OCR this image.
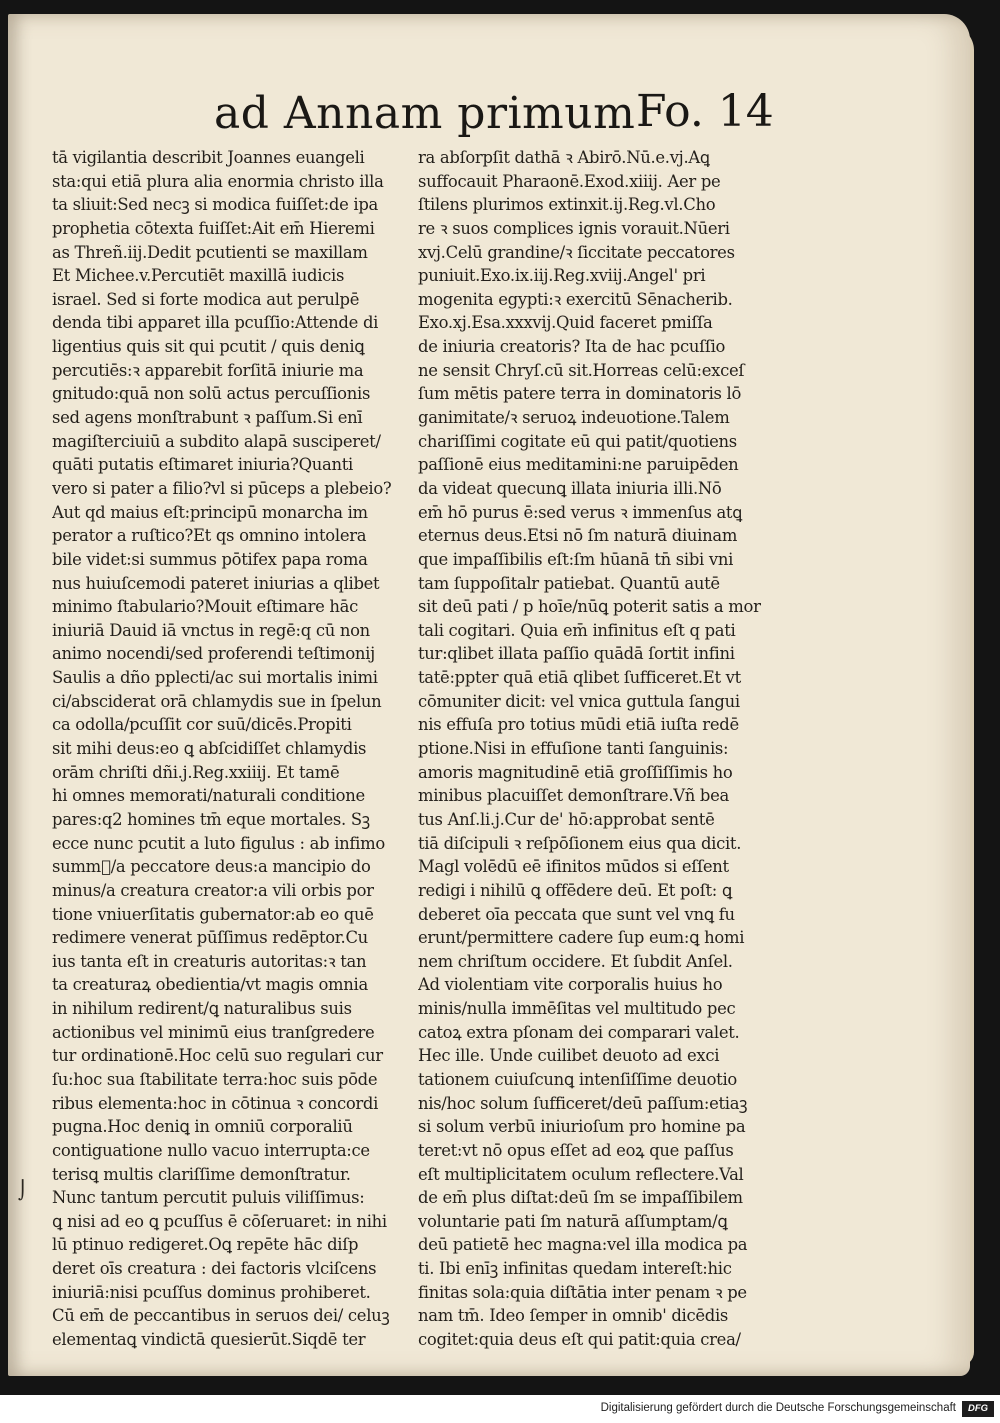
ad Annam primum Fo. 14
tā vigilantia describit Joannes euangeli
sta:qui etiā plura alia enormia christo illa
ta sliuit:Sed necꝫ si modica fuiſſet:de ipa
prophetia cōtexta fuiſſet:Ait em̄ Hieremi
as Threñ.iij.Dedit pcutienti se maxillam
Et Michee.v.Percutiēt maxillā iudicis
israel. Sed si forte modica aut perulpē
denda tibi apparet illa pcuſſio:Attende di
ligentius quis sit qui pcutit / quis deniꝗ
percutiēs:ꝛ apparebit forſitā iniurie ma
gnitudo:quā non solū actus percuſſionis
sed agens monſtrabunt ꝛ paſſum.Si enī
magiſterciuiū a subdito alapā susciperet/
quāti putatis eſtimaret iniuria?Quanti
vero si pater a filio?vl si pūceps a plebeio?
Aut qd maius eſt:principū monarcha im
perator a ruſtico?Et qs omnino intolera
bile videt:si summus pōtifex papa roma
nus huiuſcemodi pateret iniurias a qlibet
minimo ſtabulario?Mouit eſtimare hāc
iniuriā Dauid iā vnctus in regē:q cū non
animo nocendi/sed proferendi teſtimonij
Saulis a dño pplecti/ac sui mortalis inimi
ci/absciderat orā chlamydis sue in ſpelun
ca odolla/pcuſſit cor suū/dicēs.Propiti
sit mihi deus:eo ꝗ abſcidiſſet chlamydis
orām chriſti dñi.j.Reg.xxiiij. Et tamē
hi omnes memorati/naturali conditione
pares:q2 homines tm̄ eque mortales. Sꝫ
ecce nunc pcutit a luto figulus : ab infimo
summ᷒/a peccatore deus:a mancipio do
minus/a creatura creator:a vili orbis por
tione vniuerſitatis gubernator:ab eo quē
redimere venerat pūſſimus redēptor.Cu
ius tanta eſt in creaturis autoritas:ꝛ tan
ta creaturaꝝ obedientia/vt magis omnia
in nihilum redirent/ꝗ naturalibus suis
actionibus vel minimū eius tranſgredere
tur ordinationē.Hoc celū suo regulari cur
ſu:hoc sua ſtabilitate terra:hoc suis pōde
ribus elementa:hoc in cōtinua ꝛ concordi
pugna.Hoc deniꝗ in omniū corporaliū
contiguatione nullo vacuo interrupta:ce
terisꝗ multis clariſſime demonſtratur.
Nunc tantum percutit puluis viliſſimus:
ꝗ nisi ad eo ꝗ pcuſſus ē cōſeruaret: in nihi
lū ptinuo redigeret.Oꝗ repēte hāc diſp
deret oīs creatura : dei factoris vlciſcens
iniuriā:nisi pcuſſus dominus prohiberet.
Cū em̄ de peccantibus in seruos dei/ celuꝫ
elementaꝗ vindictā quesierūt.Siqdē ter
ra abſorpſit dathā ꝛ Abirō.Nū.e.vj.Aꝗ
suffocauit Pharaonē.Exod.xiiij. Aer pe
ſtilens plurimos extinxit.ij.Reg.vl.Cho
re ꝛ suos complices ignis vorauit.Nūeri
xvj.Celū grandine/ꝛ ſiccitate peccatores
puniuit.Exo.ix.iij.Reg.xviij.Angel' pri
mogenita egypti:ꝛ exercitū Sēnacherib.
Exo.xj.Esa.xxxvij.Quid faceret pmiſſa
de iniuria creatoris? Ita de hac pcuſſio
ne sensit Chryſ.cū sit.Horreas celū:exceſ
ſum mētis patere terra in dominatoris lō
ganimitate/ꝛ seruoꝝ indeuotione.Talem
chariſſimi cogitate eū qui patit/quotiens
paſſionē eius meditamini:ne paruipēden
da videat quecunꝗ illata iniuria illi.Nō
em̄ hō purus ē:sed verus ꝛ immenſus atꝗ
eternus deus.Etsi nō ſm naturā diuinam
que impaſſibilis eſt:ſm hūanā tn̄ sibi vni
tam ſuppoſitalr patiebat. Quantū autē
sit deū pati / p hoīe/nūꝗ poterit satis a mor
tali cogitari. Quia em̄ infinitus eſt q pati
tur:qlibet illata paſſio quādā ſortit infini
tatē:ppter quā etiā qlibet ſufficeret.Et vt
cōmuniter dicit: vel vnica guttula ſangui
nis effuſa pro totius mūdi etiā iuſta redē
ptione.Nisi in effuſione tanti ſanguinis:
amoris magnitudinē etiā groſſiſſimis ho
minibus placuiſſet demonſtrare.Vñ bea
tus Anſ.li.j.Cur de' hō:approbat sentē
tiā diſcipuli ꝛ reſpōſionem eius qua dicit.
Magl volēdū eē ifinitos mūdos si eſſent
redigi i nihilū ꝗ offēdere deū. Et poſt: ꝗ
deberet oīa peccata que sunt vel vnꝗ fu
erunt/permittere cadere ſup eum:ꝗ homi
nem chriſtum occidere. Et ſubdit Anſel.
Ad violentiam vite corporalis huius ho
minis/nulla immēſitas vel multitudo pec
catoꝝ extra pſonam dei comparari valet.
Hec ille. Unde cuilibet deuoto ad exci
tationem cuiuſcunꝗ intenſiſſime deuotio
nis/hoc solum ſufficeret/deū paſſum:etiaꝫ
si solum verbū iniurioſum pro homine pa
teret:vt nō opus eſſet ad eoꝝ que paſſus
eſt multiplicitatem oculum reflectere.Val
de em̄ plus diſtat:deū ſm se impaſſibilem
voluntarie pati ſm naturā aſſumptam/ꝗ
deū patietē hec magna:vel illa modica pa
ti. Ibi enīꝫ infinitas quedam intereſt:hic
finitas sola:quia diſtātia inter penam ꝛ pe
nam tm̄. Ideo ſemper in omnib' dicēdis
cogitet:quia deus eſt qui patit:quia crea/
⌡
Digitalisierung gefördert durch die Deutsche Forschungsgemeinschaft	DFG
